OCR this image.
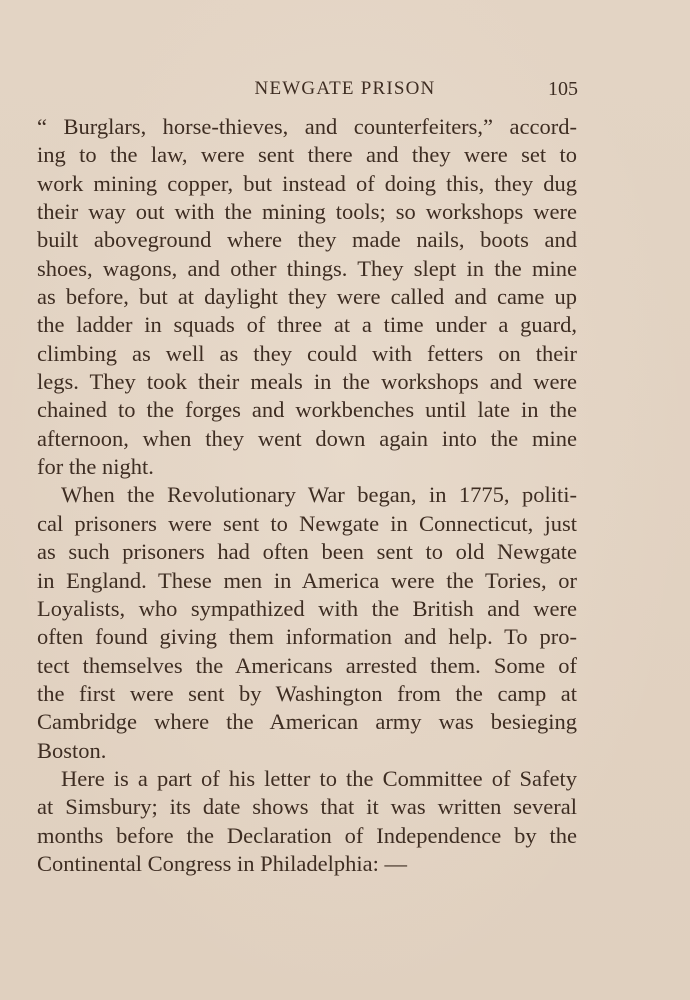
NEWGATE PRISON	105
“ Burglars, horse-thieves, and counterfeiters,” accord-
ing to the law, were sent there and they were set to
work mining copper, but instead of doing this, they dug
their way out with the mining tools; so workshops were
built aboveground where they made nails, boots and
shoes, wagons, and other things. They slept in the mine
as before, but at daylight they were called and came up
the ladder in squads of three at a time under a guard,
climbing as well as they could with fetters on their
legs. They took their meals in the workshops and were
chained to the forges and workbenches until late in the
afternoon, when they went down again into the mine
for the night.
When the Revolutionary War began, in 1775, politi-
cal prisoners were sent to Newgate in Connecticut, just
as such prisoners had often been sent to old Newgate
in England. These men in America were the Tories, or
Loyalists, who sympathized with the British and were
often found giving them information and help. To pro-
tect themselves the Americans arrested them. Some of
the first were sent by Washington from the camp at
Cambridge where the American army was besieging
Boston.
Here is a part of his letter to the Committee of Safety
at Simsbury; its date shows that it was written several
months before the Declaration of Independence by the
Continental Congress in Philadelphia: —
